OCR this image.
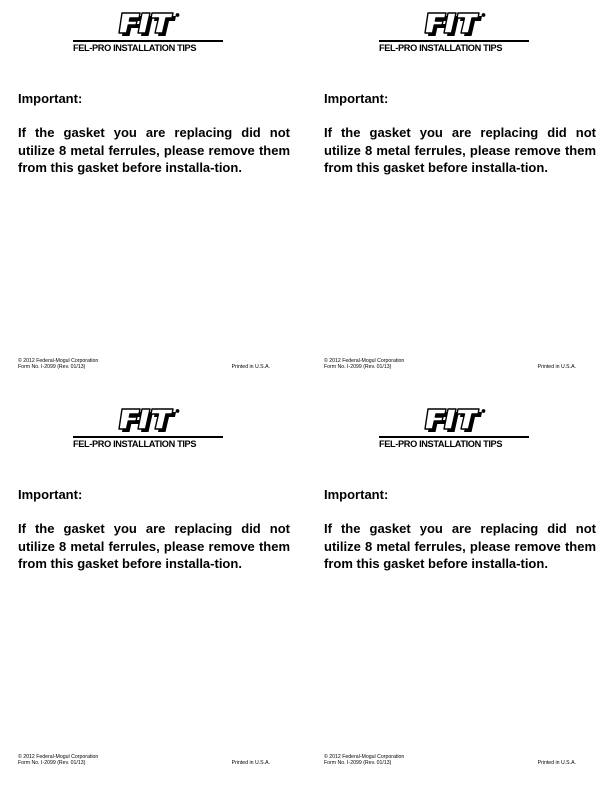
FEL-PRO INSTALLATION TIPS
Important:

If the gasket you are replacing did not utilize 8 metal ferrules, please remove them from this gasket before installa-tion.

© 2012 Federal-Mogul Corporation
Form No. I-2099 (Rev. 01/13)	Printed in U.S.A.
FEL-PRO INSTALLATION TIPS
Important:

If the gasket you are replacing did not utilize 8 metal ferrules, please remove them from this gasket before installa-tion.

© 2012 Federal-Mogul Corporation
Form No. I-2099 (Rev. 01/13)	Printed in U.S.A.
FEL-PRO INSTALLATION TIPS
Important:

If the gasket you are replacing did not utilize 8 metal ferrules, please remove them from this gasket before installa-tion.

© 2012 Federal-Mogul Corporation
Form No. I-2099 (Rev. 01/13)	Printed in U.S.A.
FEL-PRO INSTALLATION TIPS
Important:

If the gasket you are replacing did not utilize 8 metal ferrules, please remove them from this gasket before installa-tion.

© 2012 Federal-Mogul Corporation
Form No. I-2099 (Rev. 01/13)	Printed in U.S.A.
